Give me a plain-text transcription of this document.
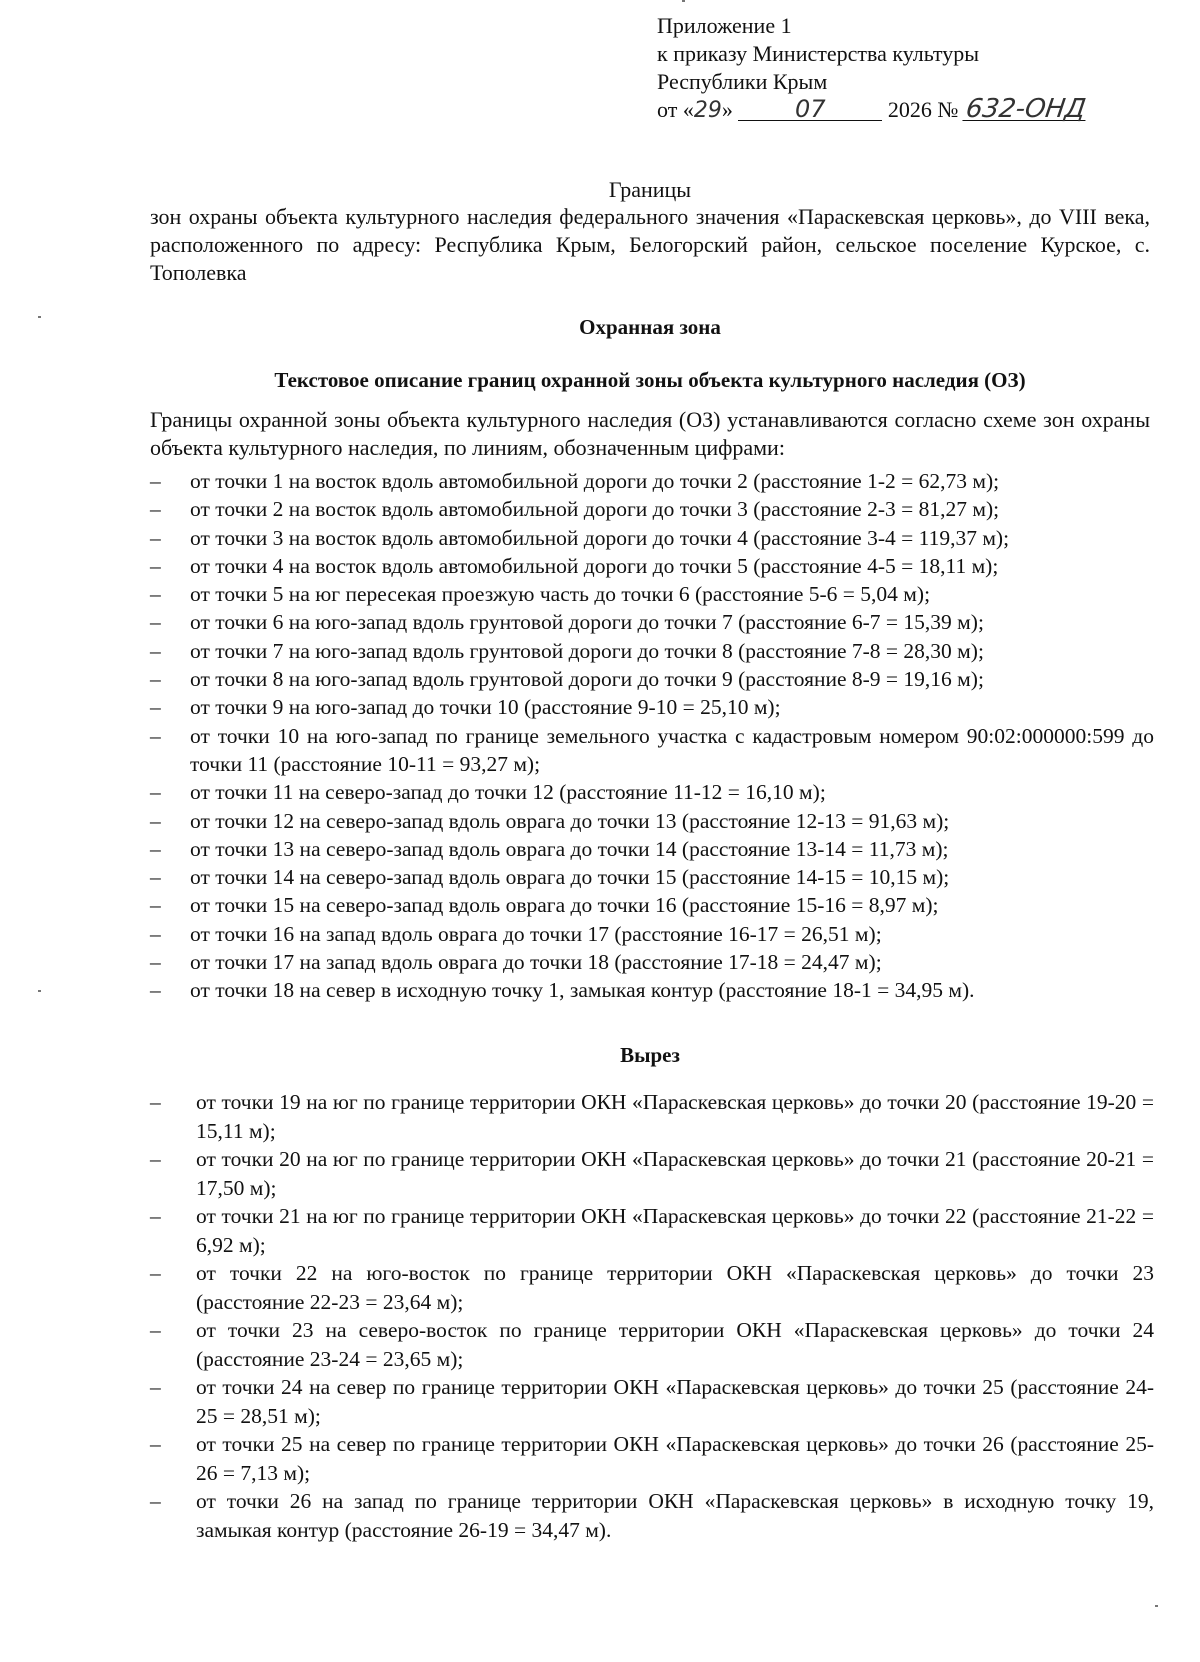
Приложение 1
к приказу Министерства культуры
Республики Крым
от «29»	07	2026 № 632-ОНД
Границы
зон охраны объекта культурного наследия федерального значения «Параскевская церковь», до VIII века, расположенного по адресу: Республика Крым, Белогорский район, сельское поселение Курское, с. Тополевка
Охранная зона
Текстовое описание границ охранной зоны объекта культурного наследия (ОЗ)
Границы охранной зоны объекта культурного наследия (ОЗ) устанавливаются согласно схеме зон охраны объекта культурного наследия, по линиям, обозначенным цифрами:
– от точки 1 на восток вдоль автомобильной дороги до точки 2 (расстояние 1-2 = 62,73 м);
– от точки 2 на восток вдоль автомобильной дороги до точки 3 (расстояние 2-3 = 81,27 м);
– от точки 3 на восток вдоль автомобильной дороги до точки 4 (расстояние 3-4 = 119,37 м);
– от точки 4 на восток вдоль автомобильной дороги до точки 5 (расстояние 4-5 = 18,11 м);
– от точки 5 на юг пересекая проезжую часть до точки 6 (расстояние 5-6 = 5,04 м);
– от точки 6 на юго-запад вдоль грунтовой дороги до точки 7 (расстояние 6-7 = 15,39 м);
– от точки 7 на юго-запад вдоль грунтовой дороги до точки 8 (расстояние 7-8 = 28,30 м);
– от точки 8 на юго-запад вдоль грунтовой дороги до точки 9 (расстояние 8-9 = 19,16 м);
– от точки 9 на юго-запад до точки 10 (расстояние 9-10 = 25,10 м);
– от точки 10 на юго-запад по границе земельного участка с кадастровым номером 90:02:000000:599 до точки 11 (расстояние 10-11 = 93,27 м);
– от точки 11 на северо-запад до точки 12 (расстояние 11-12 = 16,10 м);
– от точки 12 на северо-запад вдоль оврага до точки 13 (расстояние 12-13 = 91,63 м);
– от точки 13 на северо-запад вдоль оврага до точки 14 (расстояние 13-14 = 11,73 м);
– от точки 14 на северо-запад вдоль оврага до точки 15 (расстояние 14-15 = 10,15 м);
– от точки 15 на северо-запад вдоль оврага до точки 16 (расстояние 15-16 = 8,97 м);
– от точки 16 на запад вдоль оврага до точки 17 (расстояние 16-17 = 26,51 м);
– от точки 17 на запад вдоль оврага до точки 18 (расстояние 17-18 = 24,47 м);
– от точки 18 на север в исходную точку 1, замыкая контур (расстояние 18-1 = 34,95 м).
Вырез
– от точки 19 на юг по границе территории ОКН «Параскевская церковь» до точки 20 (расстояние 19-20 = 15,11 м);
– от точки 20 на юг по границе территории ОКН «Параскевская церковь» до точки 21 (расстояние 20-21 = 17,50 м);
– от точки 21 на юг по границе территории ОКН «Параскевская церковь» до точки 22 (расстояние 21-22 = 6,92 м);
– от точки 22 на юго-восток по границе территории ОКН «Параскевская церковь» до точки 23 (расстояние 22-23 = 23,64 м);
– от точки 23 на северо-восток по границе территории ОКН «Параскевская церковь» до точки 24 (расстояние 23-24 = 23,65 м);
– от точки 24 на север по границе территории ОКН «Параскевская церковь» до точки 25 (расстояние 24-25 = 28,51 м);
– от точки 25 на север по границе территории ОКН «Параскевская церковь» до точки 26 (расстояние 25-26 = 7,13 м);
– от точки 26 на запад по границе территории ОКН «Параскевская церковь» в исходную точку 19, замыкая контур (расстояние 26-19 = 34,47 м).
